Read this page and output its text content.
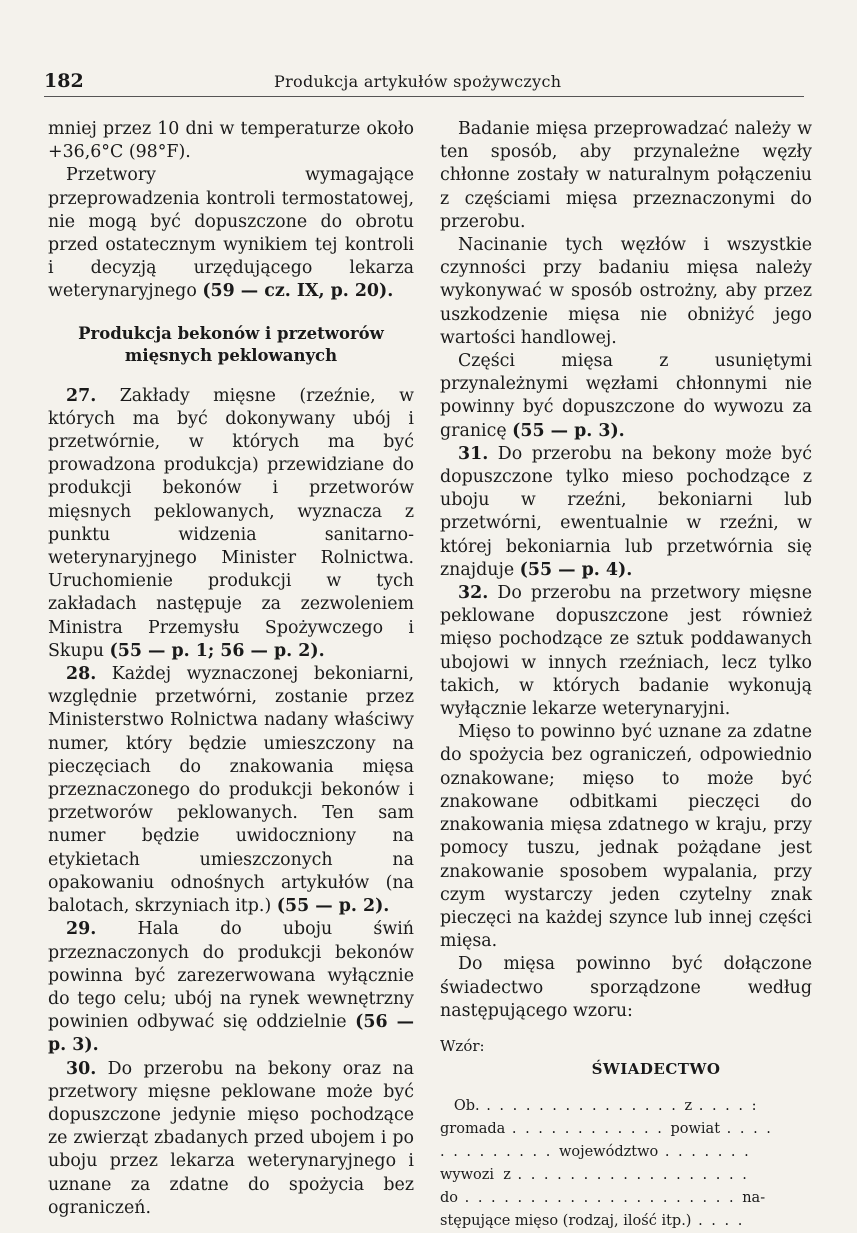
182	Produkcja artykułów spożywczych

mniej przez 10 dni w temperaturze około +36,6°C (98°F).

Przetwory wymagające przeprowadzenia kontroli termostatowej, nie mogą być dopuszczone do obrotu przed ostatecznym wynikiem tej kontroli i decyzją urzędującego lekarza weterynaryjnego (59 — cz. IX, p. 20).

Produkcja bekonów i przetworów mięsnych peklowanych

27. Zakłady mięsne (rzeźnie, w których ma być dokonywany ubój i przetwórnie, w których ma być prowadzona produkcja) przewidziane do produkcji bekonów i przetworów mięsnych peklowanych, wyznacza z punktu widzenia sanitarno-weterynaryjnego Minister Rolnictwa. Uruchomienie produkcji w tych zakładach następuje za zezwoleniem Ministra Przemysłu Spożywczego i Skupu (55 — p. 1; 56 — p. 2).

28. Każdej wyznaczonej bekoniarni, względnie przetwórni, zostanie przez Ministerstwo Rolnictwa nadany właściwy numer, który będzie umieszczony na pieczęciach do znakowania mięsa przeznaczonego do produkcji bekonów i przetworów peklowanych. Ten sam numer będzie uwidoczniony na etykietach umieszczonych na opakowaniu odnośnych artykułów (na balotach, skrzyniach itp.) (55 — p. 2).

29. Hala do uboju świń przeznaczonych do produkcji bekonów powinna być zarezerwowana wyłącznie do tego celu; ubój na rynek wewnętrzny powinien odbywać się oddzielnie (56 — p. 3).

30. Do przerobu na bekony oraz na przetwory mięsne peklowane może być dopuszczone jedynie mięso pochodzące ze zwierząt zbadanych przed ubojem i po uboju przez lekarza weterynaryjnego i uznane za zdatne do spożycia bez ograniczeń.

Badanie mięsa przeprowadzać należy w ten sposób, aby przynależne węzły chłonne zostały w naturalnym połączeniu z częściami mięsa przeznaczonymi do przerobu.

Nacinanie tych węzłów i wszystkie czynności przy badaniu mięsa należy wykonywać w sposób ostrożny, aby przez uszkodzenie mięsa nie obniżyć jego wartości handlowej.

Części mięsa z usuniętymi przynależnymi węzłami chłonnymi nie powinny być dopuszczone do wywozu za granicę (55 — p. 3).

31. Do przerobu na bekony może być dopuszczone tylko mieso pochodzące z uboju w rzeźni, bekoniarni lub przetwórni, ewentualnie w rzeźni, w której bekoniarnia lub przetwórnia się znajduje (55 — p. 4).

32. Do przerobu na przetwory mięsne peklowane dopuszczone jest również mięso pochodzące ze sztuk poddawanych ubojowi w innych rzeźniach, lecz tylko takich, w których badanie wykonują wyłącznie lekarze weterynaryjni.

Mięso to powinno być uznane za zdatne do spożycia bez ograniczeń, odpowiednio oznakowane; mięso to może być znakowane odbitkami pieczęci do znakowania mięsa zdatnego w kraju, przy pomocy tuszu, jednak pożądane jest znakowanie sposobem wypalania, przy czym wystarczy jeden czytelny znak pieczęci na każdej szynce lub innej części mięsa.

Do mięsa powinno być dołączone świadectwo sporządzone według następującego wzoru:

Wzór:
ŚWIADECTWO
Ob. . . . . . . . . . . . . . . . z . . . . :
gromada . . . . . . . . . . . . powiat . . . .
. . . . . . . . . województwo . . . . . . .
wywozi z . . . . . . . . . . . . . . . . . .
do . . . . . . . . . . . . . . . . . . . . . na-
stępujące mięso (rodzaj, ilość itp.) . . . .
